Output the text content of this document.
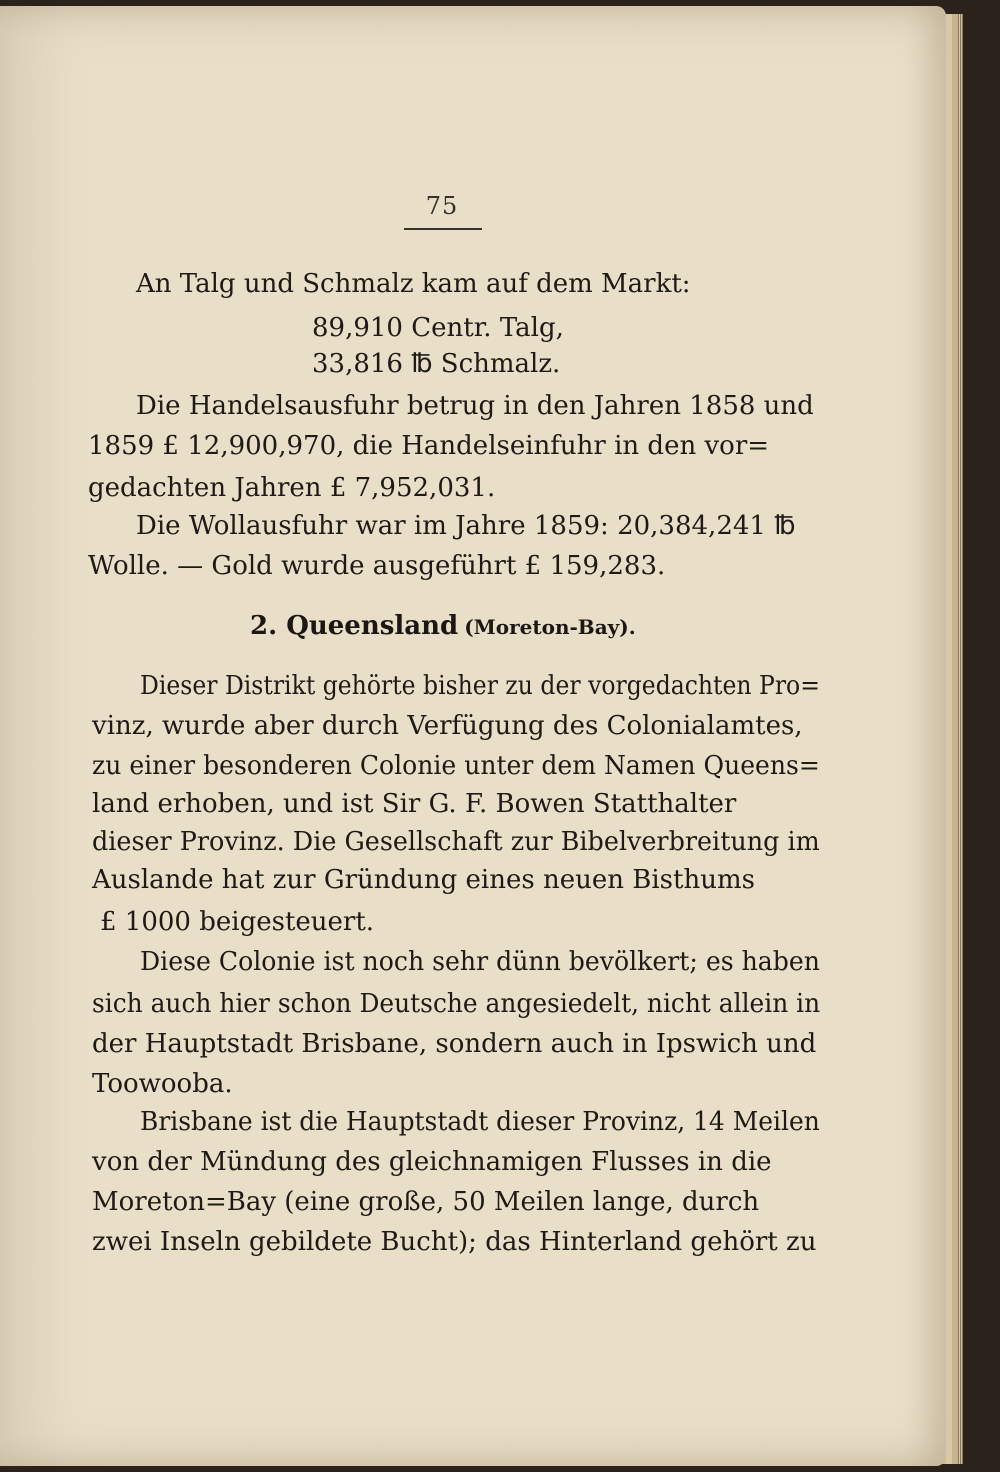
75
An Talg und Schmalz kam auf dem Markt:
89,910 Centr. Talg,
33,816 ℔ Schmalz.
Die Handelsausfuhr betrug in den Jahren 1858 und
1859 £ 12,900,970, die Handelseinfuhr in den vor=
gedachten Jahren £ 7,952,031.
Die Wollausfuhr war im Jahre 1859: 20,384,241 ℔
Wolle. — Gold wurde ausgeführt £ 159,283.
2. Queensland (Moreton-Bay).
Dieser Distrikt gehörte bisher zu der vorgedachten Pro=
vinz, wurde aber durch Verfügung des Colonialamtes,
zu einer besonderen Colonie unter dem Namen Queens=
land erhoben, und ist Sir G. F. Bowen Statthalter
dieser Provinz. Die Gesellschaft zur Bibelverbreitung im
Auslande hat zur Gründung eines neuen Bisthums
£ 1000 beigesteuert.
Diese Colonie ist noch sehr dünn bevölkert; es haben
sich auch hier schon Deutsche angesiedelt, nicht allein in
der Hauptstadt Brisbane, sondern auch in Ipswich und
Toowooba.
Brisbane ist die Hauptstadt dieser Provinz, 14 Meilen
von der Mündung des gleichnamigen Flusses in die
Moreton=Bay (eine große, 50 Meilen lange, durch
zwei Inseln gebildete Bucht); das Hinterland gehört zu
